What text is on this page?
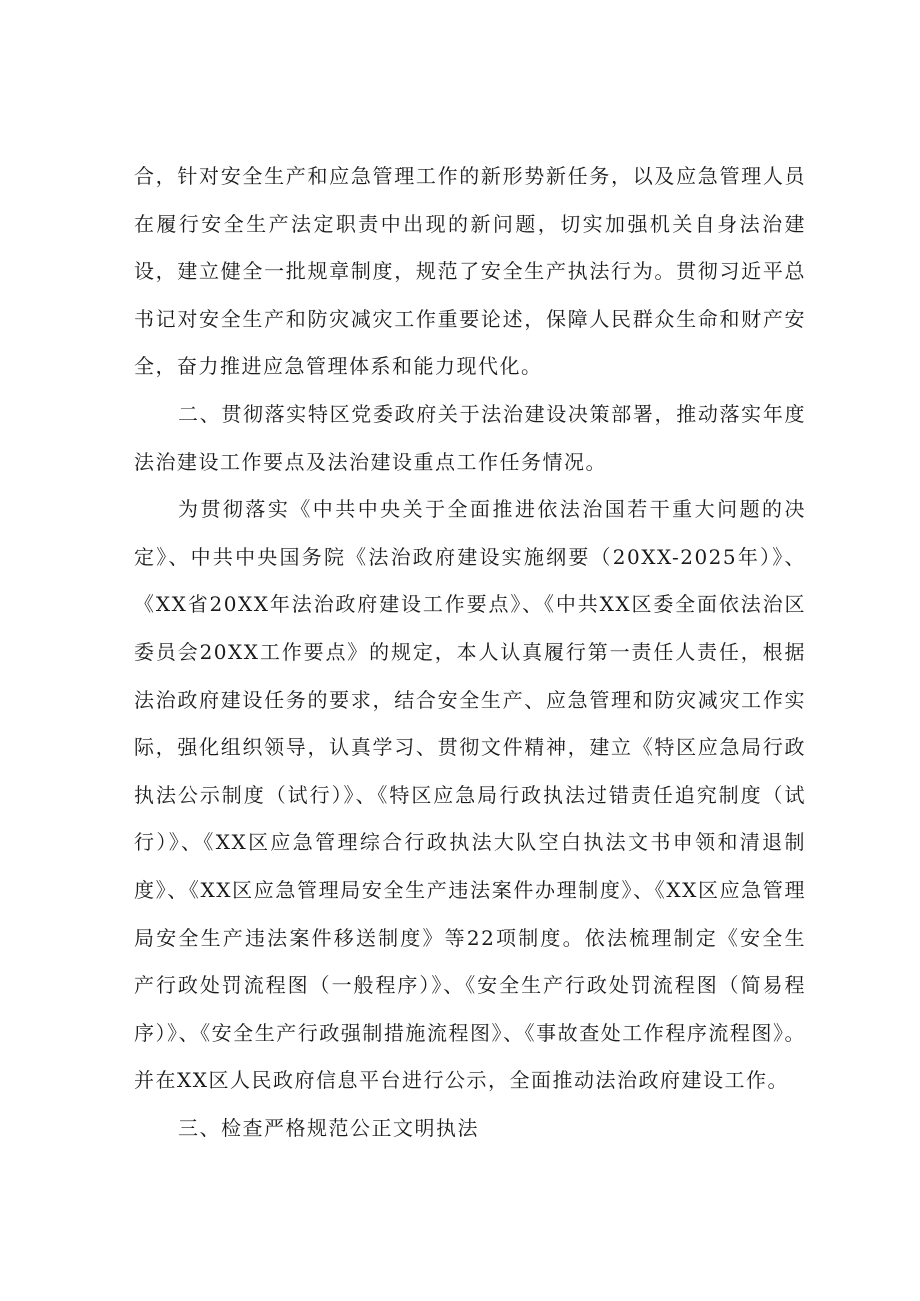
合，针对安全生产和应急管理工作的新形势新任务，以及应急管理人员在履行安全生产法定职责中出现的新问题，切实加强机关自身法治建设，建立健全一批规章制度，规范了安全生产执法行为。贯彻习近平总书记对安全生产和防灾减灾工作重要论述，保障人民群众生命和财产安全，奋力推进应急管理体系和能力现代化。

二、贯彻落实特区党委政府关于法治建设决策部署，推动落实年度法治建设工作要点及法治建设重点工作任务情况。

为贯彻落实《中共中央关于全面推进依法治国若干重大问题的决定》、中共中央国务院《法治政府建设实施纲要（20XX-2025年）》、《XX省20XX年法治政府建设工作要点》、《中共XX区委全面依法治区委员会20XX工作要点》的规定，本人认真履行第一责任人责任，根据法治政府建设任务的要求，结合安全生产、应急管理和防灾减灾工作实际，强化组织领导，认真学习、贯彻文件精神，建立《特区应急局行政执法公示制度（试行）》、《特区应急局行政执法过错责任追究制度（试行）》、《XX区应急管理综合行政执法大队空白执法文书申领和清退制度》、《XX区应急管理局安全生产违法案件办理制度》、《XX区应急管理局安全生产违法案件移送制度》等22项制度。依法梳理制定《安全生产行政处罚流程图（一般程序）》、《安全生产行政处罚流程图（简易程序）》、《安全生产行政强制措施流程图》、《事故查处工作程序流程图》。并在XX区人民政府信息平台进行公示，全面推动法治政府建设工作。

三、检查严格规范公正文明执法
